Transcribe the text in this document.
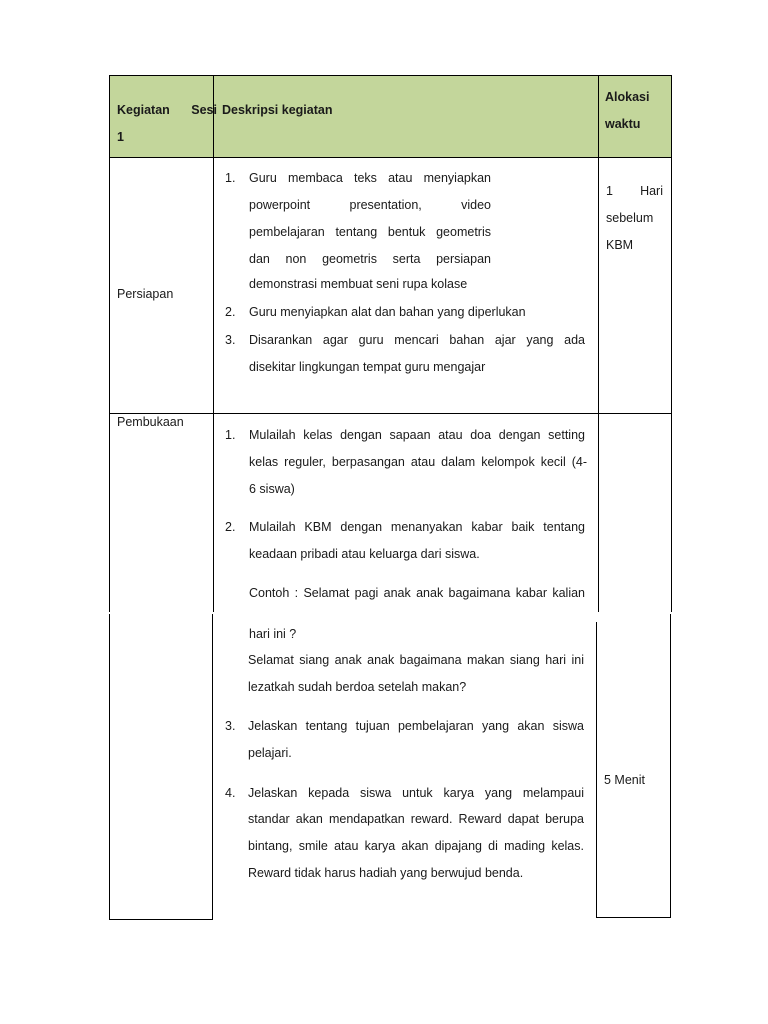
Kegiatan Sesi
1
Deskripsi kegiatan
Alokasi
waktu
Persiapan
1. Guru membaca teks atau menyiapkan
powerpoint presentation, video
pembelajaran tentang bentuk geometris
dan non geometris serta persiapan
demonstrasi membuat seni rupa kolase
2. Guru menyiapkan alat dan bahan yang diperlukan
3. Disarankan agar guru mencari bahan ajar yang ada
disekitar lingkungan tempat guru mengajar
1 Hari
sebelum
KBM
Pembukaan
1. Mulailah kelas dengan sapaan atau doa dengan setting
kelas reguler, berpasangan atau dalam kelompok kecil (4-
6 siswa)
2. Mulailah KBM dengan menanyakan kabar baik tentang
keadaan pribadi atau keluarga dari siswa.
Contoh : Selamat pagi anak anak bagaimana kabar kalian
hari ini ?
Selamat siang anak anak bagaimana makan siang hari ini
lezatkah sudah berdoa setelah makan?
3. Jelaskan tentang tujuan pembelajaran yang akan siswa
pelajari.
4. Jelaskan kepada siswa untuk karya yang melampaui
standar akan mendapatkan reward. Reward dapat berupa
bintang, smile atau karya akan dipajang di mading kelas.
Reward tidak harus hadiah yang berwujud benda.
5 Menit
